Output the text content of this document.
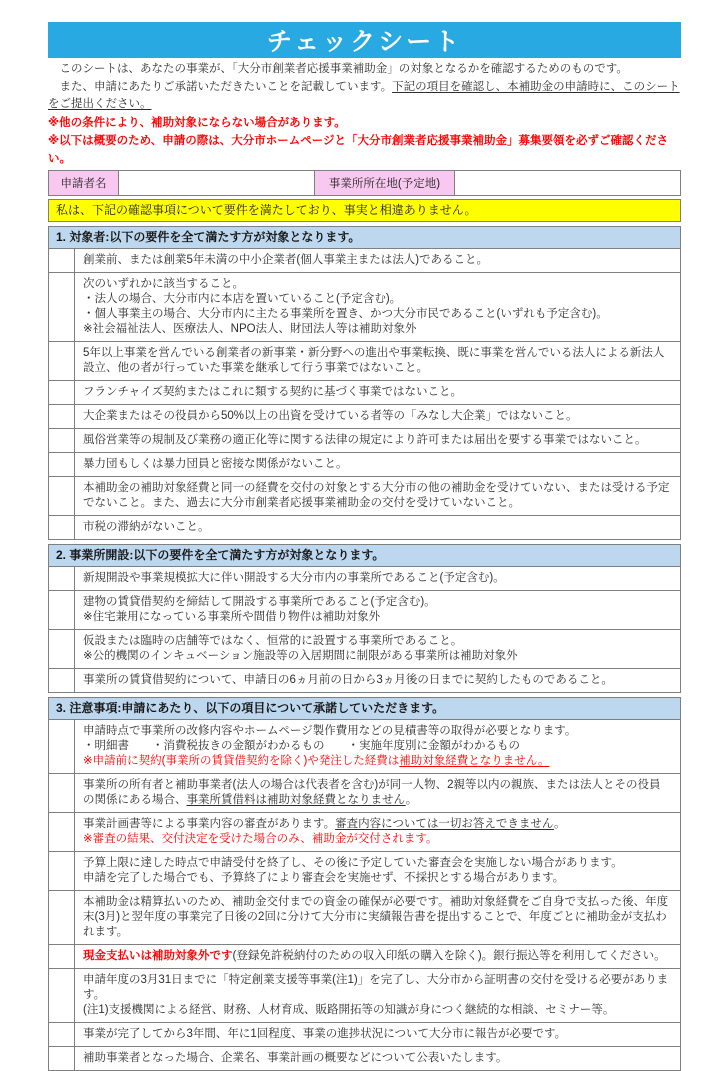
チェックシート

このシートは、あなたの事業が、「大分市創業者応援事業補助金」の対象となるかを確認するためのものです。

また、申請にあたりご承諾いただきたいことを記載しています。下記の項目を確認し、本補助金の申請時に、このシートをご提出ください。

※他の条件により、補助対象にならない場合があります。

※以下は概要のため、申請の際は、大分市ホームページと「大分市創業者応援事業補助金」募集要領を必ずご確認ください。

申請者名		事業所所在地(予定地)	
私は、下記の確認事項について要件を満たしており、事実と相違ありません。
1. 対象者:以下の要件を全て満たす方が対象となります。

	創業前、または創業5年未満の中小企業者(個人事業主または法人)であること。

	次のいずれかに該当すること。
・法人の場合、大分市内に本店を置いていること(予定含む)。
・個人事業主の場合、大分市内に主たる事業所を置き、かつ大分市民であること(いずれも予定含む)。
※社会福祉法人、医療法人、NPO法人、財団法人等は補助対象外

	5年以上事業を営んでいる創業者の新事業・新分野への進出や事業転換、既に事業を営んでいる法人による新法人設立、他の者が行っていた事業を継承して行う事業ではないこと。

	フランチャイズ契約またはこれに類する契約に基づく事業ではないこと。

	大企業またはその役員から50%以上の出資を受けている者等の「みなし大企業」ではないこと。

	風俗営業等の規制及び業務の適正化等に関する法律の規定により許可または届出を要する事業ではないこと。

	暴力団もしくは暴力団員と密接な関係がないこと。

	本補助金の補助対象経費と同一の経費を交付の対象とする大分市の他の補助金を受けていない、または受ける予定でないこと。また、過去に大分市創業者応援事業補助金の交付を受けていないこと。

	市税の滞納がないこと。
2. 事業所開設:以下の要件を全て満たす方が対象となります。

	新規開設や事業規模拡大に伴い開設する大分市内の事業所であること(予定含む)。

	建物の賃貸借契約を締結して開設する事業所であること(予定含む)。
※住宅兼用になっている事業所や間借り物件は補助対象外

	仮設または臨時の店舗等ではなく、恒常的に設置する事業所であること。
※公的機関のインキュベーション施設等の入居期間に制限がある事業所は補助対象外

	事業所の賃貸借契約について、申請日の6ヵ月前の日から3ヵ月後の日までに契約したものであること。
3. 注意事項:申請にあたり、以下の項目について承諾していただきます。

	申請時点で事業所の改修内容やホームページ製作費用などの見積書等の取得が必要となります。
・明細書　　・消費税抜きの金額がわかるもの　　・実施年度別に金額がわかるもの
※申請前に契約(事業所の賃貸借契約を除く)や発注した経費は補助対象経費となりません。

	事業所の所有者と補助事業者(法人の場合は代表者を含む)が同一人物、2親等以内の親族、または法人とその役員の関係にある場合、事業所賃借料は補助対象経費となりません。

	事業計画書等による事業内容の審査があります。審査内容については一切お答えできません。
※審査の結果、交付決定を受けた場合のみ、補助金が交付されます。

	予算上限に達した時点で申請受付を終了し、その後に予定していた審査会を実施しない場合があります。
申請を完了した場合でも、予算終了により審査会を実施せず、不採択とする場合があります。

	本補助金は精算払いのため、補助金交付までの資金の確保が必要です。補助対象経費をご自身で支払った後、年度末(3月)と翌年度の事業完了日後の2回に分けて大分市に実績報告書を提出することで、年度ごとに補助金が支払われます。

	現金支払いは補助対象外です(登録免許税納付のための収入印紙の購入を除く)。銀行振込等を利用してください。

	申請年度の3月31日までに「特定創業支援等事業(注1)」を完了し、大分市から証明書の交付を受ける必要があります。
(注1)支援機関による経営、財務、人材育成、販路開拓等の知識が身につく継続的な相談、セミナー等。

	事業が完了してから3年間、年に1回程度、事業の進捗状況について大分市に報告が必要です。

	補助事業者となった場合、企業名、事業計画の概要などについて公表いたします。
